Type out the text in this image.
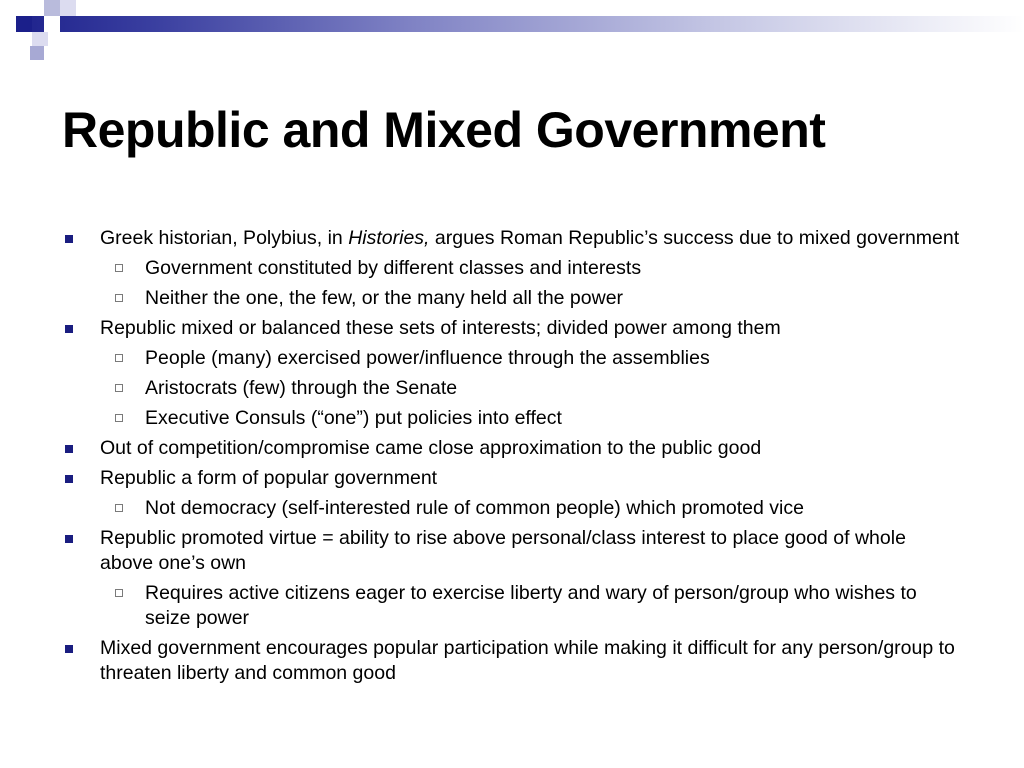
Republic and Mixed Government
Greek historian, Polybius, in Histories, argues Roman Republic’s success due to mixed government
Government constituted by different classes and interests
Neither the one, the few, or the many held all the power
Republic mixed or balanced these sets of interests; divided power among them
People (many) exercised power/influence through the assemblies
Aristocrats (few) through the Senate
Executive Consuls (“one”) put policies into effect
Out of competition/compromise came close approximation to the public good
Republic a form of popular government
Not democracy (self-interested rule of common people) which promoted vice
Republic promoted virtue = ability to rise above personal/class interest to place good of whole above one’s own
Requires active citizens eager to exercise liberty and wary of person/group who wishes to seize power
Mixed government encourages popular participation while making it difficult for any person/group to threaten liberty and common good
